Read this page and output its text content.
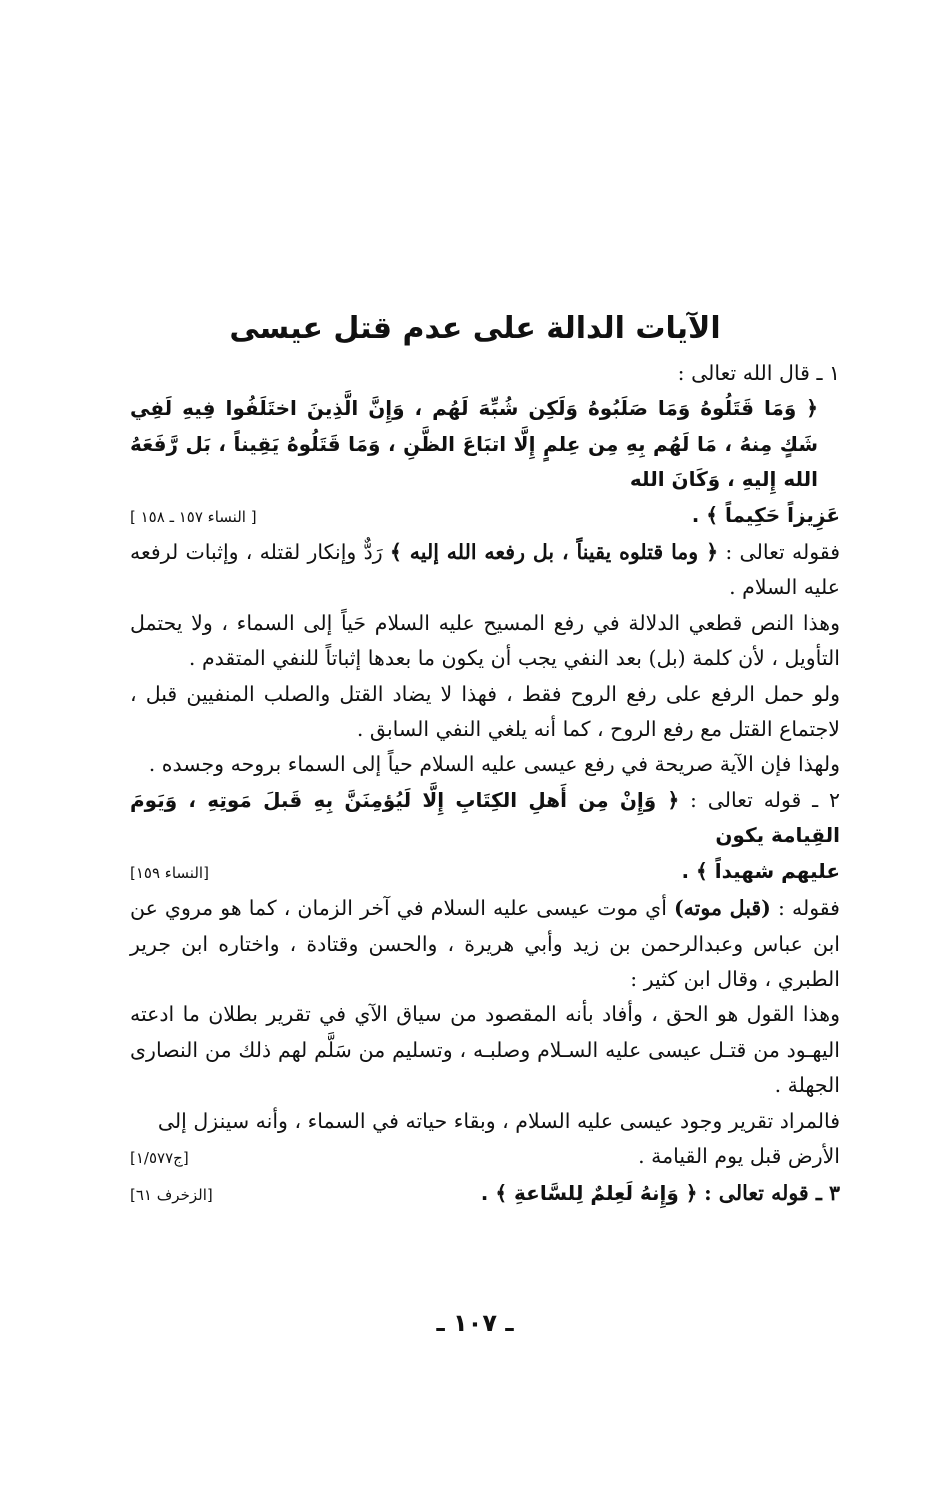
الآيات الدالة على عدم قتل عيسى

١ ـ قال الله تعالى :

﴿ وَمَا قَتَلُوهُ وَمَا صَلَبُوهُ وَلَكِن شُبِّهَ لَهُم ، وَإِنَّ الَّذِينَ اختَلَفُوا فِيهِ لَفِي شَكٍ مِنهُ ، مَا لَهُم بِهِ مِن عِلمٍ إِلَّا اتبَاعَ الظَّنِ ، وَمَا قَتَلُوهُ يَقِيناً ، بَل رَّفَعَهُ الله إِليهِ ، وَكَانَ الله

عَزِيزاً حَكِيماً ﴾ .
[ النساء ١٥٧ ـ ١٥٨ ]

فقوله تعالى : ﴿ وما قتلوه يقيناً ، بل رفعه الله إليه ﴾ رَدٌّ وإنكار لقتله ، وإثبات لرفعه عليه السلام .

وهذا النص قطعي الدلالة في رفع المسيح عليه السلام حَياً إلى السماء ، ولا يحتمل التأويل ، لأن كلمة (بل) بعد النفي يجب أن يكون ما بعدها إثباتاً للنفي المتقدم .

ولو حمل الرفع على رفع الروح فقط ، فهذا لا يضاد القتل والصلب المنفيين قبل ، لاجتماع القتل مع رفع الروح ، كما أنه يلغي النفي السابق .

ولهذا فإن الآية صريحة في رفع عيسى عليه السلام حياً إلى السماء بروحه وجسده .

٢ ـ قوله تعالى : ﴿ وَإِنْ مِن أَهلِ الكِتَابِ إِلَّا لَيُؤمِنَنَّ بِهِ قَبلَ مَوتِهِ ، وَيَومَ القِيامة يكون

عليهم شهيداً ﴾ .
[النساء ١٥٩]

فقوله : (قبل موته) أي موت عيسى عليه السلام في آخر الزمان ، كما هو مروي عن ابن عباس وعبدالرحمن بن زيد وأبي هريرة ، والحسن وقتادة ، واختاره ابن جرير الطبري ، وقال ابن كثير :

وهذا القول هو الحق ، وأفاد بأنه المقصود من سياق الآي في تقرير بطلان ما ادعته اليهـود من قتـل عيسى عليه السـلام وصلبـه ، وتسليم من سَلَّم لهم ذلك من النصارى الجهلة .

فالمراد تقرير وجود عيسى عليه السلام ، وبقاء حياته في السماء ، وأنه سينزل إلى

الأرض قبل يوم القيامة .
[ج١/٥٧٧]
٣ ـ قوله تعالى : ﴿ وَإِنهُ لَعِلمٌ لِلسَّاعةِ ﴾ .
[الزخرف ٦١]
ـ ١٠٧ ـ
